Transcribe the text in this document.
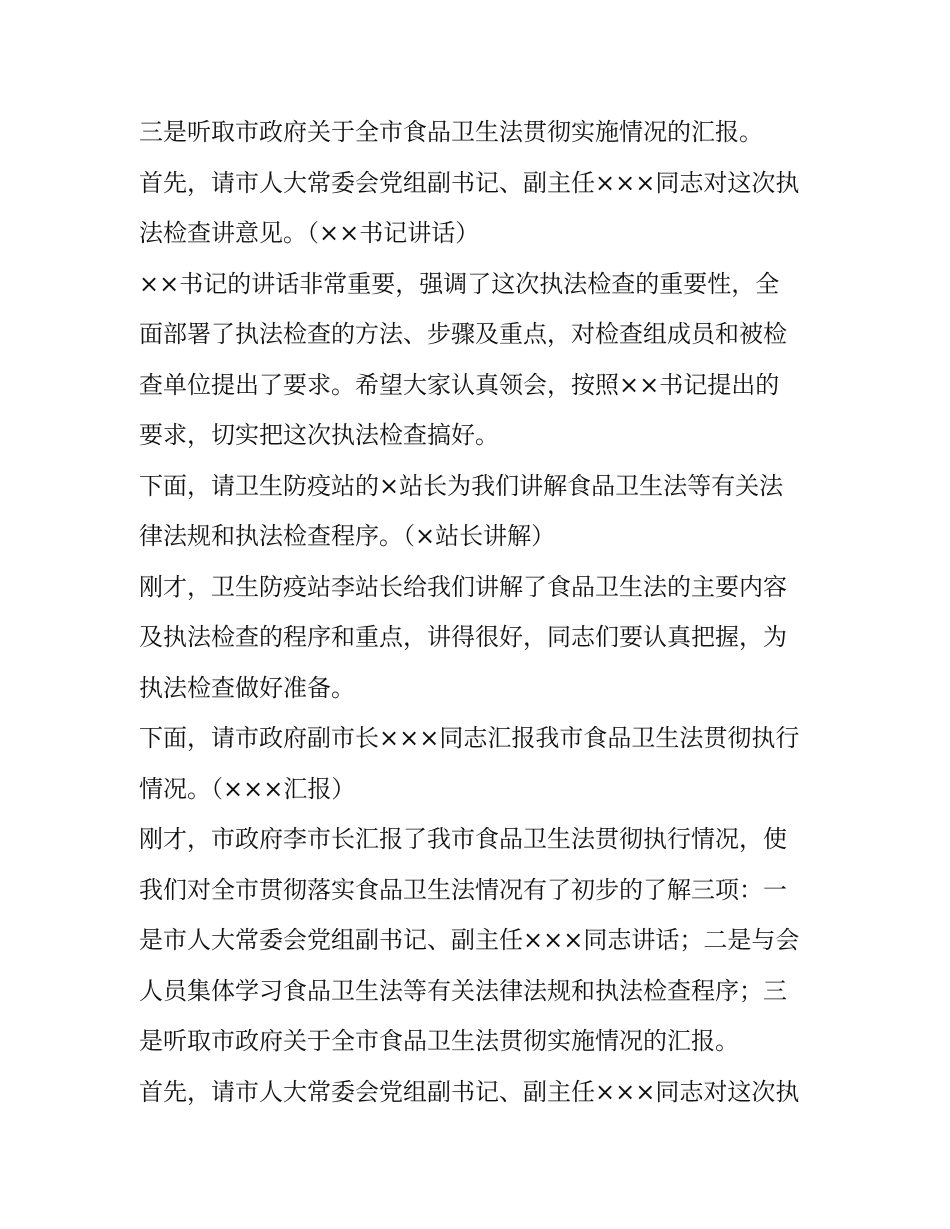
三是听取市政府关于全市食品卫生法贯彻实施情况的汇报。
首先，请市人大常委会党组副书记、副主任×××同志对这次执
法检查讲意见。（××书记讲话）
××书记的讲话非常重要，强调了这次执法检查的重要性，全
面部署了执法检查的方法、步骤及重点，对检查组成员和被检
查单位提出了要求。希望大家认真领会，按照××书记提出的
要求，切实把这次执法检查搞好。
下面，请卫生防疫站的×站长为我们讲解食品卫生法等有关法
律法规和执法检查程序。（×站长讲解）
刚才，卫生防疫站李站长给我们讲解了食品卫生法的主要内容
及执法检查的程序和重点，讲得很好，同志们要认真把握，为
执法检查做好准备。
下面，请市政府副市长×××同志汇报我市食品卫生法贯彻执行
情况。（×××汇报）
刚才，市政府李市长汇报了我市食品卫生法贯彻执行情况，使
我们对全市贯彻落实食品卫生法情况有了初步的了解三项：一
是市人大常委会党组副书记、副主任×××同志讲话；二是与会
人员集体学习食品卫生法等有关法律法规和执法检查程序；三
是听取市政府关于全市食品卫生法贯彻实施情况的汇报。
首先，请市人大常委会党组副书记、副主任×××同志对这次执
